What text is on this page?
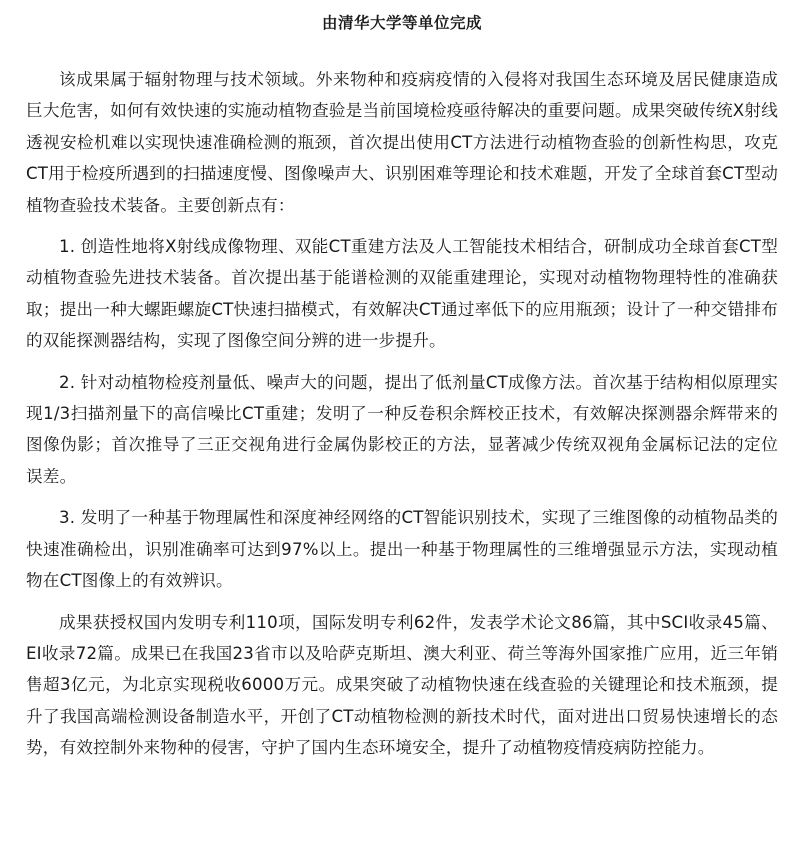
由清华大学等单位完成

该成果属于辐射物理与技术领域。外来物种和疫病疫情的入侵将对我国生态环境及居民健康造成巨大危害，如何有效快速的实施动植物查验是当前国境检疫亟待解决的重要问题。成果突破传统X射线透视安检机难以实现快速准确检测的瓶颈，首次提出使用CT方法进行动植物查验的创新性构思，攻克CT用于检疫所遇到的扫描速度慢、图像噪声大、识别困难等理论和技术难题，开发了全球首套CT型动植物查验技术装备。主要创新点有：

1. 创造性地将X射线成像物理、双能CT重建方法及人工智能技术相结合，研制成功全球首套CT型动植物查验先进技术装备。首次提出基于能谱检测的双能重建理论，实现对动植物物理特性的准确获取；提出一种大螺距螺旋CT快速扫描模式，有效解决CT通过率低下的应用瓶颈；设计了一种交错排布的双能探测器结构，实现了图像空间分辨的进一步提升。

2. 针对动植物检疫剂量低、噪声大的问题，提出了低剂量CT成像方法。首次基于结构相似原理实现1/3扫描剂量下的高信噪比CT重建；发明了一种反卷积余辉校正技术，有效解决探测器余辉带来的图像伪影；首次推导了三正交视角进行金属伪影校正的方法，显著减少传统双视角金属标记法的定位误差。

3. 发明了一种基于物理属性和深度神经网络的CT智能识别技术，实现了三维图像的动植物品类的快速准确检出，识别准确率可达到97%以上。提出一种基于物理属性的三维增强显示方法，实现动植物在CT图像上的有效辨识。

成果获授权国内发明专利110项，国际发明专利62件，发表学术论文86篇，其中SCI收录45篇、EI收录72篇。成果已在我国23省市以及哈萨克斯坦、澳大利亚、荷兰等海外国家推广应用，近三年销售超3亿元，为北京实现税收6000万元。成果突破了动植物快速在线查验的关键理论和技术瓶颈，提升了我国高端检测设备制造水平，开创了CT动植物检测的新技术时代，面对进出口贸易快速增长的态势，有效控制外来物种的侵害，守护了国内生态环境安全，提升了动植物疫情疫病防控能力。
